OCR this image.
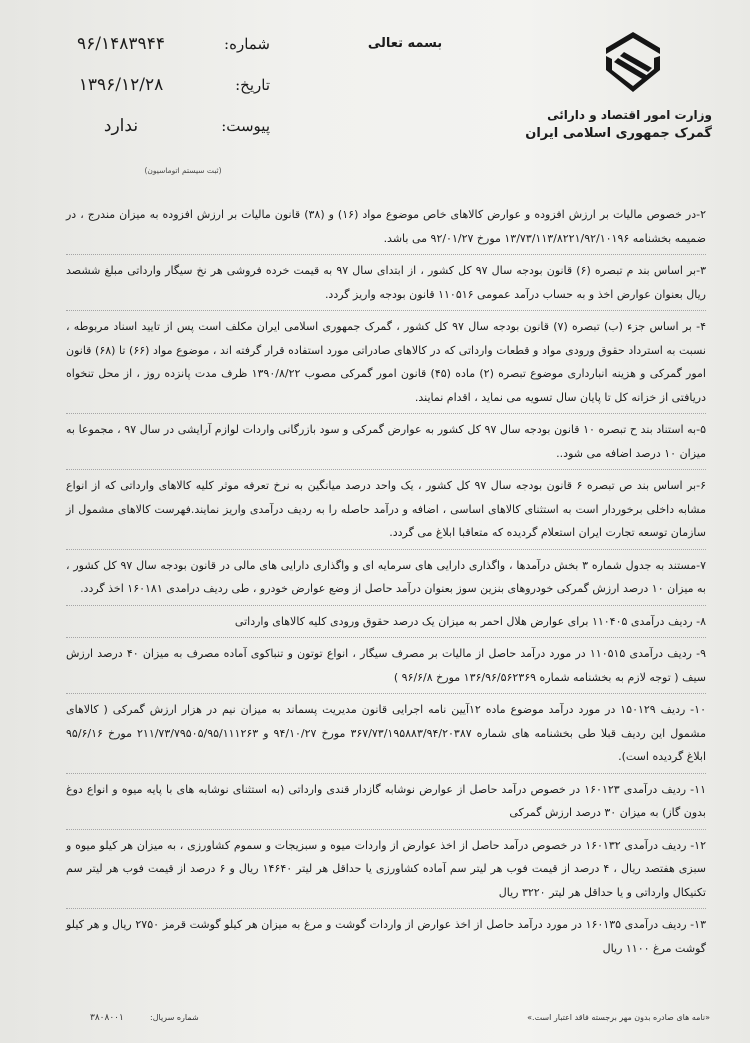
بسمه تعالی
وزارت امور اقتصاد و دارائی
گمرک جمهوری اسلامی ایران
شماره:
۹۶/۱۴۸۳۹۴۴
تاریخ:
۱۳۹۶/۱۲/۲۸
پیوست:
ندارد
(ثبت سیستم اتوماسیون)

۲-در خصوص مالیات بر ارزش افزوده و عوارض کالاهای خاص موضوع مواد (۱۶) و (۳۸) قانون مالیات بر ارزش افزوده به میزان مندرج ، در ضمیمه بخشنامه ۱۳/۷۳/۱۱۳/۸۲۲۱/۹۲/۱۰۱۹۶ مورخ ۹۲/۰۱/۲۷ می باشد.

۳-بر اساس بند م تبصره (۶) قانون بودجه سال ۹۷ کل کشور ، از ابتدای سال ۹۷ به قیمت خرده فروشی هر نخ سیگار وارداتی مبلغ ششصد ریال بعنوان عوارض اخذ و به حساب درآمد عمومی ۱۱۰۵۱۶ قانون بودجه واریز گردد.

۴- بر اساس جزء (ب) تبصره (۷) قانون بودجه سال ۹۷ کل کشور ، گمرک جمهوری اسلامی ایران مکلف است پس از تایید اسناد مربوطه ، نسبت به استرداد حقوق ورودی مواد و قطعات وارداتی که در کالاهای صادراتی مورد استفاده قرار گرفته اند ، موضوع مواد (۶۶) تا (۶۸) قانون امور گمرکی و هزینه انبارداری موضوع تبصره (۲) ماده (۴۵) قانون امور گمرکی مصوب ۱۳۹۰/۸/۲۲ ظرف مدت پانزده روز ، از محل تنخواه دریافتی از خزانه کل تا پایان سال تسویه می نماید ، اقدام نمایند.

۵-به استناد بند ح تبصره ۱۰ قانون بودجه سال ۹۷ کل کشور به عوارض گمرکی و سود بازرگانی واردات لوازم آرایشی در سال ۹۷ ، مجموعا به میزان ۱۰ درصد اضافه می شود..

۶-بر اساس بند ص تبصره ۶ قانون بودجه سال ۹۷ کل کشور ، یک واحد درصد میانگین به نرخ تعرفه موثر کلیه کالاهای وارداتی که از انواع مشابه داخلی برخوردار است به استثنای کالاهای اساسی ، اضافه و درآمد حاصله را به ردیف درآمدی واریز نمایند.فهرست کالاهای مشمول از سازمان توسعه تجارت ایران استعلام گردیده که متعاقبا ابلاغ می گردد.

۷-مستند به جدول شماره ۳ بخش درآمدها ، واگذاری دارایی های سرمایه ای و واگذاری دارایی های مالی در قانون بودجه سال ۹۷ کل کشور ، به میزان ۱۰ درصد ارزش گمرکی خودروهای بنزین سوز بعنوان درآمد حاصل از وضع عوارض خودرو ، طی ردیف درامدی ۱۶۰۱۸۱ اخذ گردد.

۸- ردیف درآمدی ۱۱۰۴۰۵ برای عوارض هلال احمر به میزان یک درصد حقوق ورودی کلیه کالاهای وارداتی

۹- ردیف درآمدی ۱۱۰۵۱۵ در مورد درآمد حاصل از مالیات بر مصرف سیگار ، انواع توتون و تنباکوی آماده مصرف به میزان ۴۰ درصد ارزش سیف ( توجه لازم به بخشنامه شماره ۱۳۶/۹۶/۵۶۲۳۶۹ مورخ ۹۶/۶/۸ )

۱۰- ردیف ۱۵۰۱۲۹ در مورد درآمد موضوع ماده ۱۲آیین نامه اجرایی قانون مدیریت پسماند به میزان نیم در هزار ارزش گمرکی ( کالاهای مشمول این ردیف قبلا طی بخشنامه های شماره ۳۶۷/۷۳/۱۹۵۸۸۳/۹۴/۲۰۳۸۷ مورخ ۹۴/۱۰/۲۷ و ۲۱۱/۷۳/۷۹۵۰۵/۹۵/۱۱۱۲۶۳ مورخ ۹۵/۶/۱۶ ابلاغ گردیده است).

۱۱- ردیف درآمدی ۱۶۰۱۲۳ در خصوص درآمد حاصل از عوارض نوشابه گازدار قندی وارداتی (به استثنای نوشابه های با پایه میوه و انواع دوغ بدون گاز) به میزان ۳۰ درصد ارزش گمرکی

۱۲- ردیف درآمدی ۱۶۰۱۳۲ در خصوص درآمد حاصل از اخذ عوارض از واردات میوه و سبزیجات و سموم کشاورزی ، به میزان هر کیلو میوه و سبزی هفتصد ریال ، ۴ درصد از قیمت فوب هر لیتر سم آماده کشاورزی یا حداقل هر لیتر ۱۴۶۴۰ ریال و ۶ درصد از قیمت فوب هر لیتر سم تکنیکال وارداتی و یا حداقل هر لیتر ۳۲۲۰ ریال

۱۳- ردیف درآمدی ۱۶۰۱۳۵ در مورد درآمد حاصل از اخذ عوارض از واردات گوشت و مرغ به میزان هر کیلو گوشت قرمز ۲۷۵۰ ریال و هر کیلو گوشت مرغ ۱۱۰۰ ریال

«نامه های صادره بدون مهر برجسته فاقد اعتبار است.»
شماره سریال:
۳۸۰۸۰۰۱
